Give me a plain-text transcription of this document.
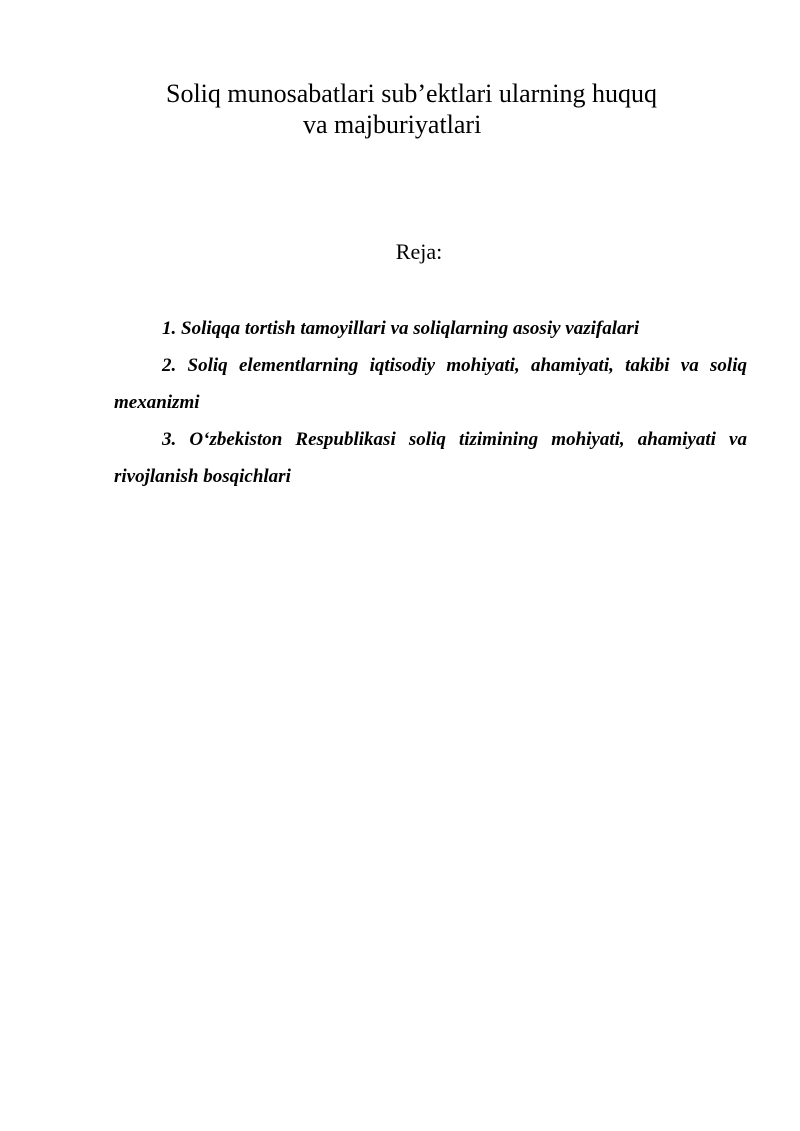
Soliq munosabatlari sub’ektlari ularning huquq
va majburiyatlari
Reja:
1. Soliqqa tortish tamoyillari va soliqlarning asosiy vazifalari
2. Soliq elementlarning iqtisodiy mohiyati, ahamiyati, takibi va soliq mexanizmi
3. O‘zbekiston Respublikasi soliq tizimining mohiyati, ahamiyati va rivojlanish bosqichlari
